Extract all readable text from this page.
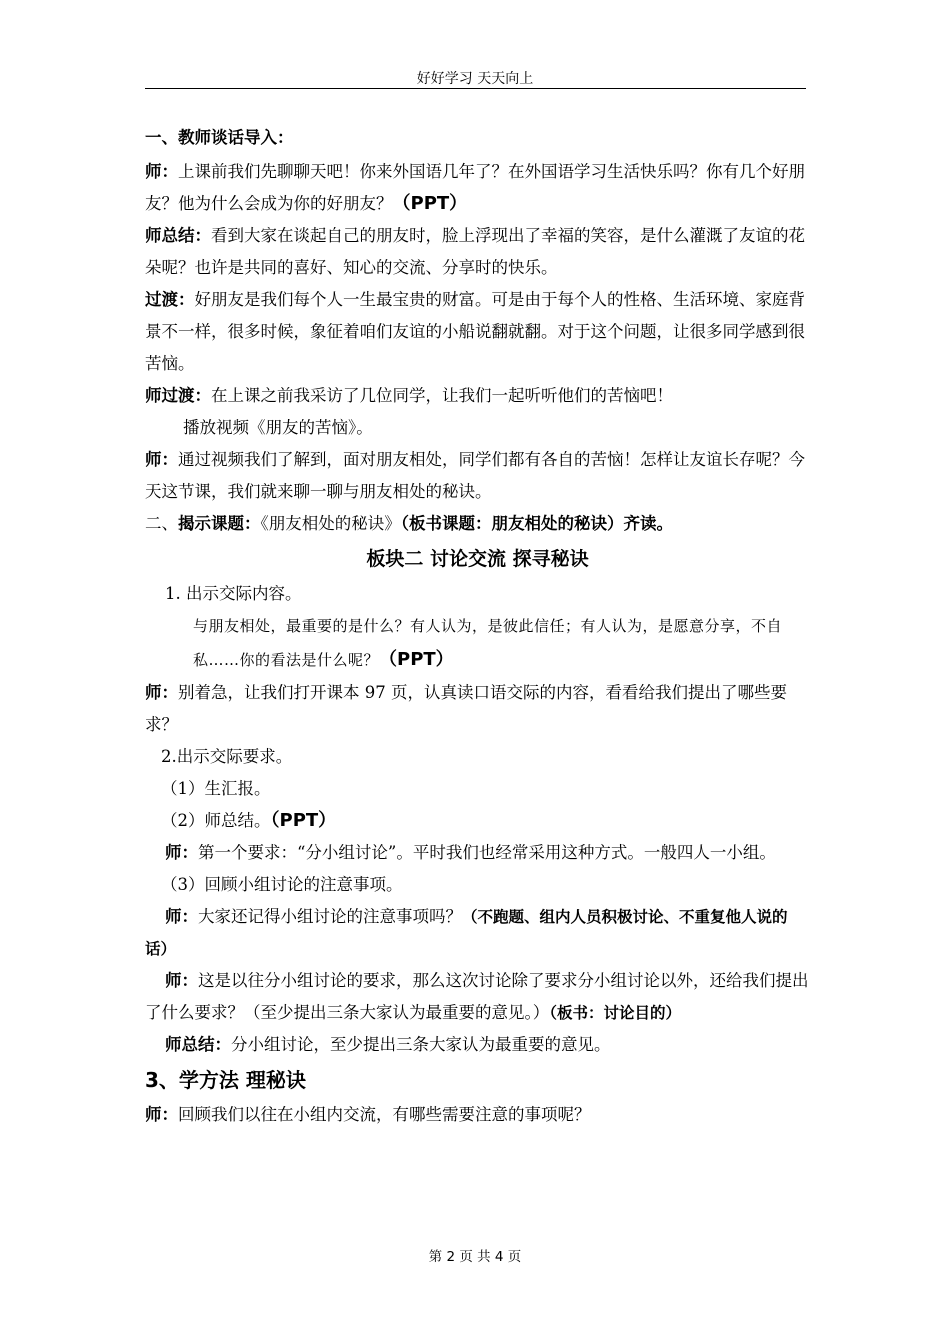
好好学习 天天向上

一、教师谈话导入：

师：上课前我们先聊聊天吧！你来外国语几年了？在外国语学习生活快乐吗？你有几个好朋友？他为什么会成为你的好朋友？（PPT）

师总结：看到大家在谈起自己的朋友时，脸上浮现出了幸福的笑容，是什么灌溉了友谊的花朵呢？也许是共同的喜好、知心的交流、分享时的快乐。

过渡：好朋友是我们每个人一生最宝贵的财富。可是由于每个人的性格、生活环境、家庭背景不一样，很多时候，象征着咱们友谊的小船说翻就翻。对于这个问题，让很多同学感到很苦恼。

师过渡：在上课之前我采访了几位同学，让我们一起听听他们的苦恼吧！

播放视频《朋友的苦恼》。

师：通过视频我们了解到，面对朋友相处，同学们都有各自的苦恼！怎样让友谊长存呢？今天这节课，我们就来聊一聊与朋友相处的秘诀。

二、揭示课题：《朋友相处的秘诀》（板书课题：朋友相处的秘诀）齐读。

板块二 讨论交流 探寻秘诀

1. 出示交际内容。

与朋友相处，最重要的是什么？有人认为，是彼此信任；有人认为，是愿意分享，不自私……你的看法是什么呢？（PPT）

师：别着急，让我们打开课本 97 页，认真读口语交际的内容，看看给我们提出了哪些要求？

2.出示交际要求。

（1）生汇报。

（2）师总结。（PPT）

师：第一个要求：“分小组讨论”。平时我们也经常采用这种方式。一般四人一小组。

（3）回顾小组讨论的注意事项。

师：大家还记得小组讨论的注意事项吗？（不跑题、组内人员积极讨论、不重复他人说的话）

师：这是以往分小组讨论的要求，那么这次讨论除了要求分小组讨论以外，还给我们提出了什么要求？（至少提出三条大家认为最重要的意见。）（板书：讨论目的）

师总结：分小组讨论，至少提出三条大家认为最重要的意见。

3、学方法 理秘诀

师：回顾我们以往在小组内交流，有哪些需要注意的事项呢？

第 2 页 共 4 页
